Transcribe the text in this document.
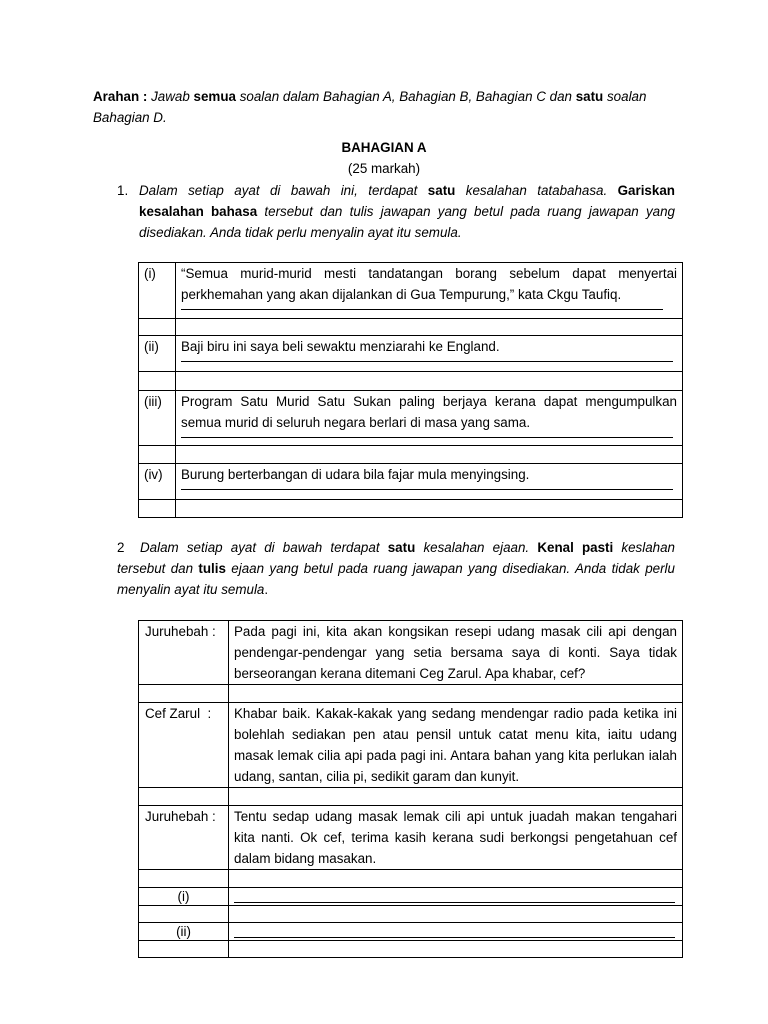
Arahan : Jawab semua soalan dalam Bahagian A, Bahagian B, Bahagian C dan satu soalan
Bahagian D.
BAHAGIAN A
(25 markah)
1. Dalam setiap ayat di bawah ini, terdapat satu kesalahan tatabahasa. Gariskan kesalahan bahasa tersebut dan tulis jawapan yang betul pada ruang jawapan yang disediakan. Anda tidak perlu menyalin ayat itu semula.
(i)	“Semua murid-murid mesti tandatangan borang sebelum dapat menyertai perkhemahan yang akan dijalankan di Gua Tempurung,” kata Ckgu Taufiq.

(ii)	Baji biru ini saya beli sewaktu menziarahi ke England.

(iii)	Program Satu Murid Satu Sukan paling berjaya kerana dapat mengumpulkan semua murid di seluruh negara berlari di masa yang sama.

(iv)	Burung berterbangan di udara bila fajar mula menyingsing.

2	Dalam setiap ayat di bawah terdapat satu kesalahan ejaan. Kenal pasti keslahan tersebut dan tulis ejaan yang betul pada ruang jawapan yang disediakan. Anda tidak perlu menyalin ayat itu semula.
Juruhebah :	Pada pagi ini, kita akan kongsikan resepi udang masak cili api dengan pendengar-pendengar yang setia bersama saya di konti. Saya tidak berseorangan kerana ditemani Ceg Zarul. Apa khabar, cef?

Cef Zarul  :	Khabar baik. Kakak-kakak yang sedang mendengar radio pada ketika ini bolehlah sediakan pen atau pensil untuk catat menu kita, iaitu udang masak lemak cilia api pada pagi ini. Antara bahan yang kita perlukan ialah udang, santan, cilia pi, sedikit garam dan kunyit.

Juruhebah :	Tentu sedap udang masak lemak cili api untuk juadah makan tengahari kita nanti. Ok cef, terima kasih kerana sudi berkongsi pengetahuan cef dalam bidang masakan.

(i)	

(ii)	
